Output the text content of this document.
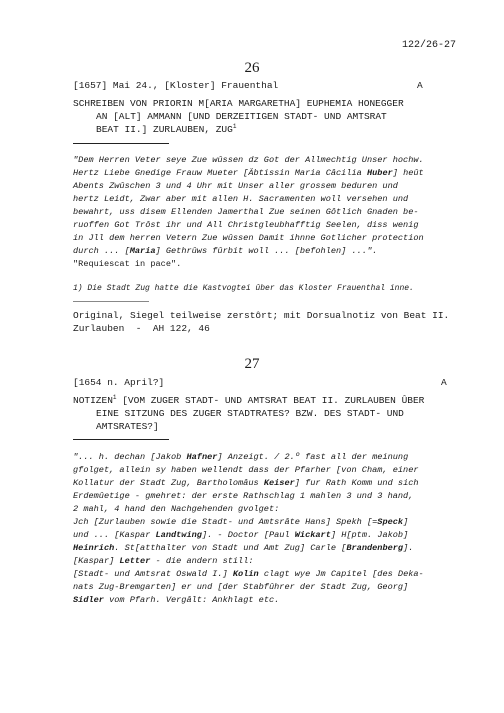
122/26-27
26
[1657] Mai 24., [Kloster] Frauenthal	A
SCHREIBEN VON PRIORIN M[ARIA MARGARETHA] EUPHEMIA HONEGGER
AN [ALT] AMMANN [UND DERZEITIGEN STADT- UND AMTSRAT
BEAT II.] ZURLAUBEN, ZUG$^1$
"Dem Herren Veter seye Zue wûssen dz Got der Allmechtig Unser hochw.
Hertz Liebe Gnedige Frauw Mueter [Äbtissin Maria Câcilia Huber] heût
Abents Zwûschen 3 und 4 Uhr mit Unser aller grossem beduren und
hertz Leidt, Zwar aber mit allen H. Sacramenten woll versehen und
bewahrt, uss disem Ellenden Jamerthal Zue seinen Gôtlich Gnaden be-
ruoffen Got Trôst ihr und All Christgleubhafftig Seelen, diss wenig
in Jll dem herren Vetern Zue wûssen Damit ihnne Gotlicher protection
durch ... [Maria] Gethrûws fûrbit woll ... [befohlen] ...".
"Requiescat in pace".
1) Die Stadt Zug hatte die Kastvogtei ûber das Kloster Frauenthal inne.
Original, Siegel teilweise zerstôrt; mit Dorsualnotiz von Beat II.
Zurlauben  -  AH 122, 46
27
[1654 n. April?]	A
NOTIZEN$^1$ [VOM ZUGER STADT- UND AMTSRAT BEAT II. ZURLAUBEN ÛBER
EINE SITZUNG DES ZUGER STADTRATES? BZW. DES STADT- UND
AMTSRATES?]
"... h. dechan [Jakob Hafner] Anzeigt. / 2.º fast all der meinung
gfolget, allein sy haben wellendt dass der Pfarher [von Cham, einer
Kollatur der Stadt Zug, Bartholomâus Keiser] fur Rath Komm und sich
Erdemûetige - gmehret: der erste Rathschlag 1 mahlen 3 und 3 hand,
2 mahl, 4 hand den Nachgehenden gvolget:
Jch [Zurlauben sowie die Stadt- und Amtsrâte Hans] Spekh [=Speck]
und ... [Kaspar Landtwing]. - Doctor [Paul Wickart] H[ptm. Jakob]
Heinrich. St[atthalter von Stadt und Amt Zug] Carle [Brandenberg].
[Kaspar] Letter - die andern still:
[Stadt- und Amtsrat Oswald I.] Kolin clagt wye Jm Capitel [des Deka-
nats Zug-Bremgarten] er und [der Stabfûhrer der Stadt Zug, Georg]
Sidler vom Pfarh. Vergâlt: Ankhlagt etc.
